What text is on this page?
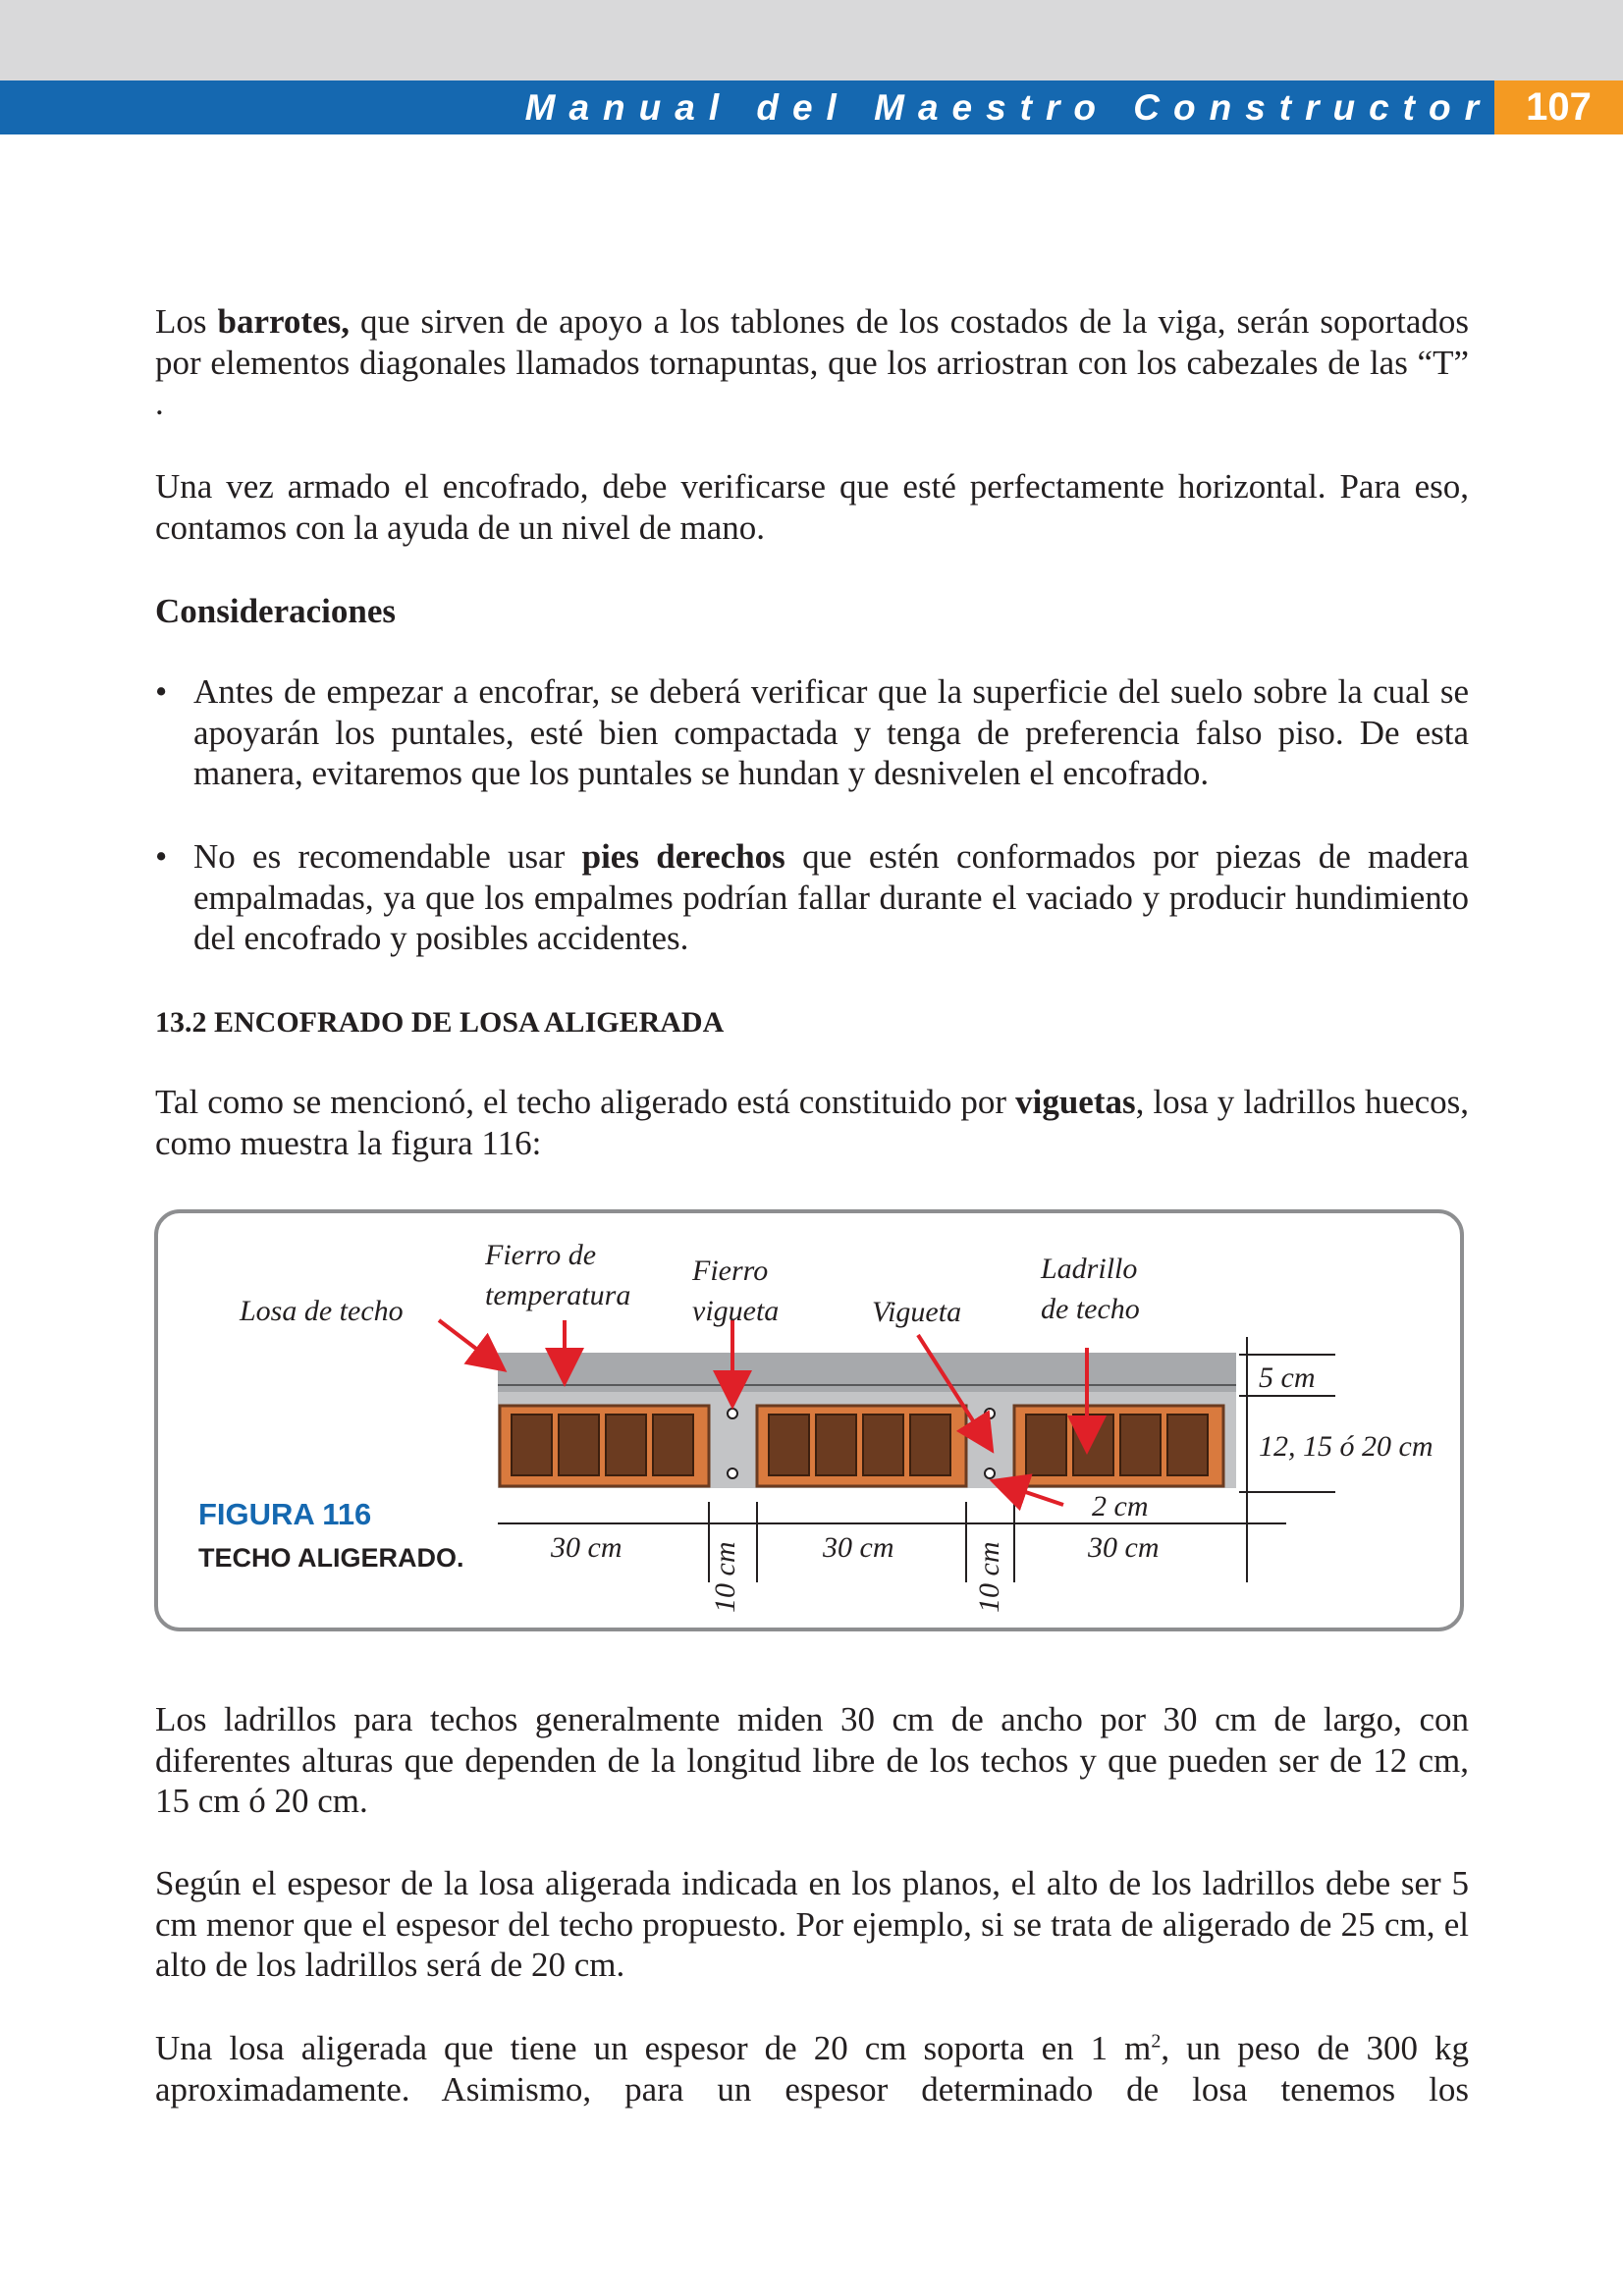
Manual del Maestro Constructor 107

Los barrotes, que sirven de apoyo a los tablones de los costados de la viga, serán soportados por elementos diagonales llamados tornapuntas, que los arriostran con los cabezales de las “T” .

Una vez armado el encofrado, debe verificarse que esté perfectamente horizontal. Para eso, contamos con la ayuda de un nivel de mano.

Consideraciones

• Antes de empezar a encofrar, se deberá verificar que la superficie del suelo sobre la cual se apoyarán los puntales, esté bien compactada y tenga de preferencia falso piso. De esta manera, evitaremos que los puntales se hundan y desnivelen el encofrado.

• No es recomendable usar pies derechos que estén conformados por piezas de madera empalmadas, ya que los empalmes podrían fallar durante el vaciado y producir hundimiento del encofrado y posibles accidentes.

13.2 ENCOFRADO DE LOSA ALIGERADA

Tal como se mencionó, el techo aligerado está constituido por viguetas, losa y ladrillos huecos, como muestra la figura 116:

Losa de techo
Fierro de
temperatura
Fierro
vigueta	Vigueta
Ladrillo
de techo
5 cm
12, 15 ó 20 cm
2 cm
30 cm	30 cm	30 cm
10 cm	10 cm
FIGURA 116
TECHO ALIGERADO.

Los ladrillos para techos generalmente miden 30 cm de ancho por 30 cm de largo, con diferentes alturas que dependen de la longitud libre de los techos y que pueden ser de 12 cm, 15 cm ó 20 cm.

Según el espesor de la losa aligerada indicada en los planos, el alto de los ladrillos debe ser 5 cm menor que el espesor del techo propuesto. Por ejemplo, si se trata de aligerado de 25 cm, el alto de los ladrillos será de 20 cm.

Una losa aligerada que tiene un espesor de 20 cm soporta en 1 $m^2$, un peso de 300 kg aproximadamente. Asimismo, para un espesor determinado de losa tenemos los
